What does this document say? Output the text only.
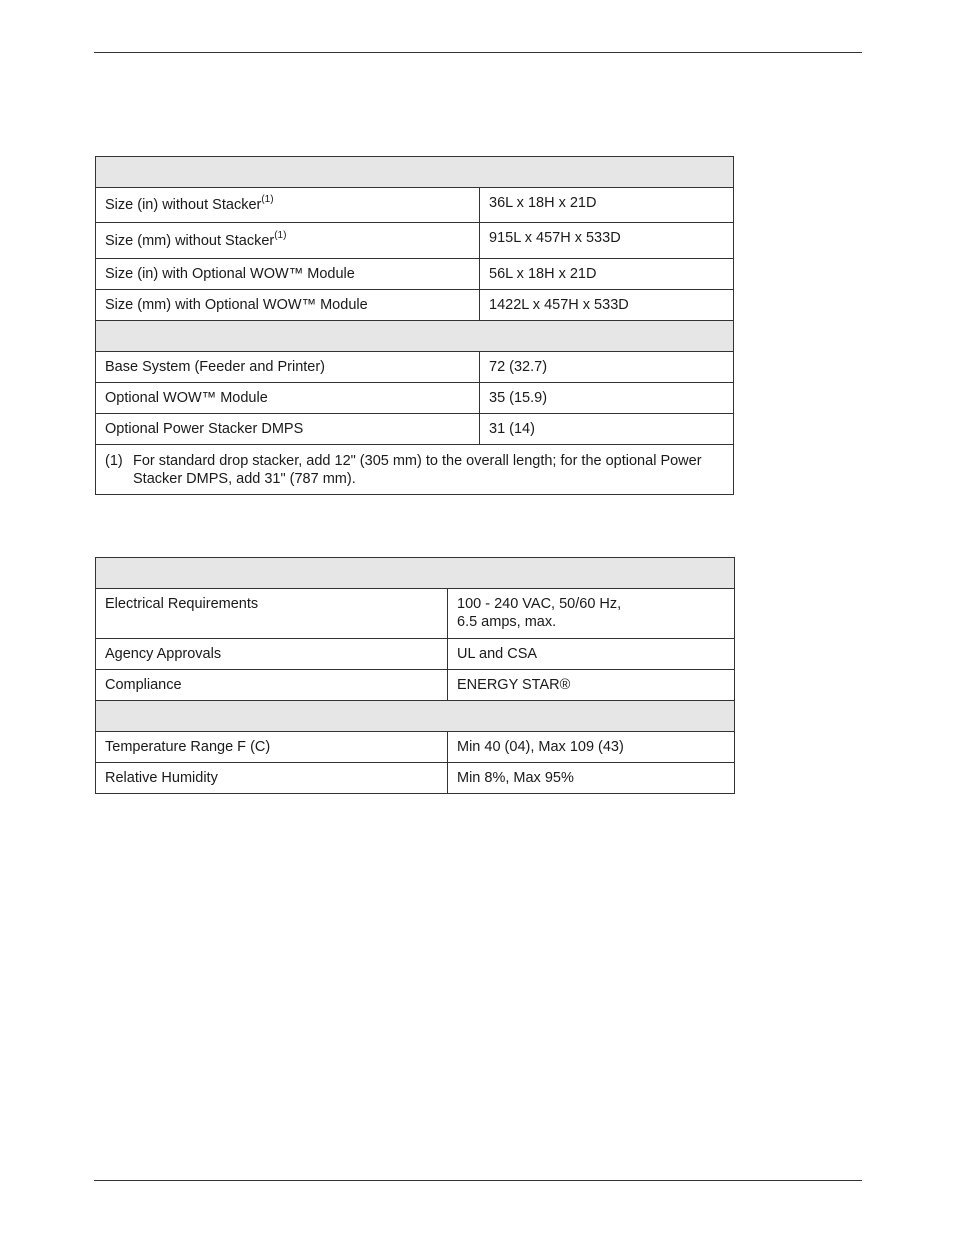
Size (in) without Stacker$^{(1)}$	36L x 18H x 21D
Size (mm) without Stacker$^{(1)}$	915L x 457H x 533D
Size (in) with Optional WOW™ Module	56L x 18H x 21D
Size (mm) with Optional WOW™ Module	1422L x 457H x 533D

Base System (Feeder and Printer)	72 (32.7)
Optional WOW™ Module	35 (15.9)
Optional Power Stacker DMPS	31 (14)

(1) For standard drop stacker, add 12" (305 mm) to the overall length; for the optional Power Stacker DMPS, add 31" (787 mm).	

Electrical Requirements	100 - 240 VAC, 50/60 Hz,
6.5 amps, max.

Agency Approvals	UL and CSA
Compliance	ENERGY STAR®

Temperature Range F (C)	Min 40 (04), Max 109 (43)
Relative Humidity	Min 8%, Max 95%
